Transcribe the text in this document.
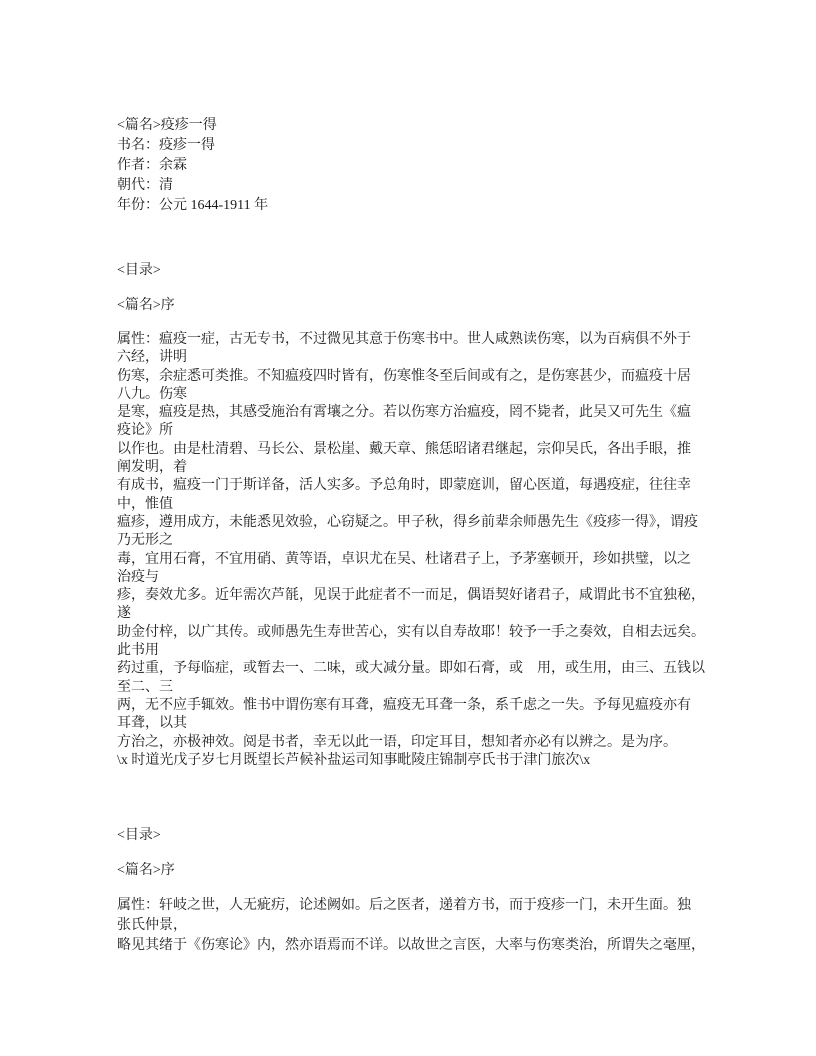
<篇名>疫疹一得
书名：疫疹一得
作者：余霖
朝代：清
年份：公元 1644-1911 年
<目录>
<篇名>序
属性：瘟疫一症，古无专书，不过微见其意于伤寒书中。世人咸熟读伤寒，以为百病俱不外于
六经，讲明
伤寒，余症悉可类推。不知瘟疫四时皆有，伤寒惟冬至后间或有之，是伤寒甚少，而瘟疫十居
八九。伤寒
是寒，瘟疫是热，其感受施治有霄壤之分。若以伤寒方治瘟疫，罔不毙者，此吴又可先生《瘟
疫论》所
以作也。由是杜清碧、马长公、景松崖、戴天章、熊恁昭诸君继起，宗仰吴氏，各出手眼，推
阐发明，着
有成书，瘟疫一门于斯详备，活人实多。予总角时，即蒙庭训，留心医道，每遇疫症，往往幸
中，惟值
瘟疹，遵用成方，未能悉见效验，心窃疑之。甲子秋，得乡前辈余师愚先生《疫疹一得》，谓疫
乃无形之
毒，宜用石膏，不宜用硝、黄等语，卓识尤在吴、杜诸君子上，予茅塞顿开，珍如拱璧，以之
治疫与
疹，奏效尤多。近年需次芦毻，见误于此症者不一而足，偶语契好诸君子，咸谓此书不宜独秘，
遂
助金付梓，以广其传。或师愚先生寿世苦心，实有以自寿故耶！较予一手之奏效，自相去远矣。
此书用
药过重，予每临症，或暂去一、二味，或大减分量。即如石膏，或　用，或生用，由三、五钱以
至二、三
两，无不应手辄效。惟书中谓伤寒有耳聋，瘟疫无耳聋一条，系千虑之一失。予每见瘟疫亦有
耳聋，以其
方治之，亦极神效。阅是书者，幸无以此一语，印定耳目，想知者亦必有以辨之。是为序。
\x 时道光戊子岁七月既望长芦候补盐运司知事毗陵庄锦制亭氏书于津门旅次\x
<目录>
<篇名>序
属性：轩岐之世，人无疵疠，论述阙如。后之医者，递着方书，而于疫疹一门，未开生面。独
张氏仲景，
略见其绪于《伤寒论》内，然亦语焉而不详。以故世之言医，大率与伤寒类治，所谓失之毫厘，
